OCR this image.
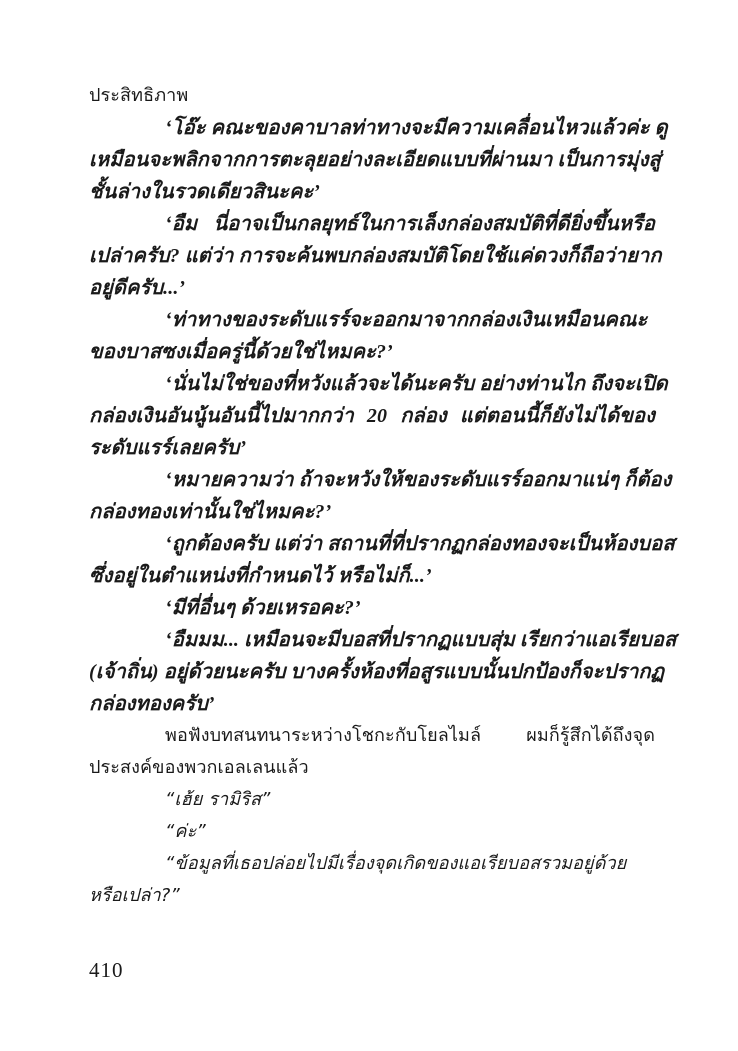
ประสิทธิภาพ

‘โอ๊ะ คณะของคาบาลท่าทางจะมีความเคลื่อนไหวแล้วค่ะ ดู

เหมือนจะพลิกจากการตะลุยอย่างละเอียดแบบที่ผ่านมา เป็นการมุ่งสู่

ชั้นล่างในรวดเดียวสินะคะ’

‘อืม นี่อาจเป็นกลยุทธ์ในการเล็งกล่องสมบัติที่ดียิ่งขึ้นหรือ

เปล่าครับ? แต่ว่า การจะค้นพบกล่องสมบัติโดยใช้แค่ดวงก็ถือว่ายาก

อยู่ดีครับ...’

‘ท่าทางของระดับแรร์จะออกมาจากกล่องเงินเหมือนคณะ

ของบาสซงเมื่อครู่นี้ด้วยใช่ไหมคะ?’

‘นั่นไม่ใช่ของที่หวังแล้วจะได้นะครับ อย่างท่านไก ถึงจะเปิด

กล่องเงินอันนู้นอันนี้ไปมากกว่า 20 กล่อง แต่ตอนนี้ก็ยังไม่ได้ของ

ระดับแรร์เลยครับ’

‘หมายความว่า ถ้าจะหวังให้ของระดับแรร์ออกมาแน่ๆ ก็ต้อง

กล่องทองเท่านั้นใช่ไหมคะ?’

‘ถูกต้องครับ แต่ว่า สถานที่ที่ปรากฏกล่องทองจะเป็นห้องบอส

ซึ่งอยู่ในตำแหน่งที่กำหนดไว้ หรือไม่ก็...’

‘มีที่อื่นๆ ด้วยเหรอคะ?’

‘อืมมม... เหมือนจะมีบอสที่ปรากฏแบบสุ่ม เรียกว่าแอเรียบอส

(เจ้าถิ่น) อยู่ด้วยนะครับ บางครั้งห้องที่อสูรแบบนั้นปกป้องก็จะปรากฏ

กล่องทองครับ’

พอฟังบทสนทนาระหว่างโชกะกับโยลไมล์ ผมก็รู้สึกได้ถึงจุด

ประสงค์ของพวกเอลเลนแล้ว

“เฮ้ย รามิริส”

“ค่ะ”

“ข้อมูลที่เธอปล่อยไปมีเรื่องจุดเกิดของแอเรียบอสรวมอยู่ด้วย

หรือเปล่า?”

410
